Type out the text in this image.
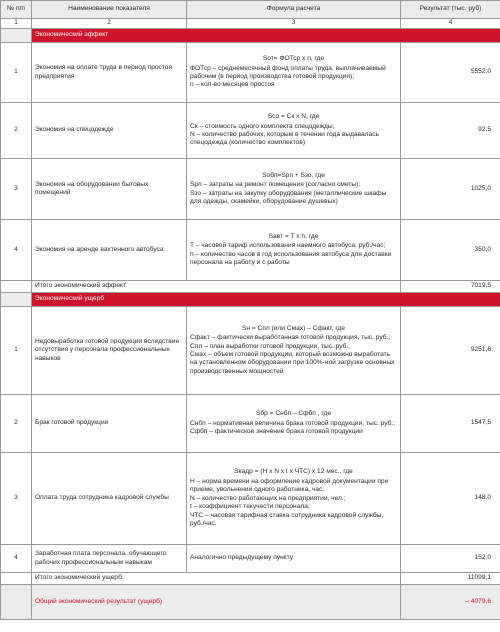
№ п/п	Наименование показателя	Формула расчета	Результат (тыс. руб)
1	2	3	4
	Экономический эффект		
1	Экономия на оплате труда в период простоя предприятия	Sот= ФОТср х n, где
ФОТср – среднемесячный фонд оплаты труда, выплачиваемый рабочим (в период производства готовой продукции);
n – кол-во месяцев простоя	5552,0
2	Экономия на спецодежде	Sсо = Ск х N, где
Ск – стоимость одного комплекта спецодежды;
N – количество рабочих, которым в течении года выдавалась спецодежда (количество комплектов)	92,5
3	Экономия на оборудовании бытовых помещений	Sобп=Sрп + Sзо, где
Sрп – затраты на ремонт помещения (согласно сметы);
Sзо – затраты на закупку оборудования (металлические шкафы для одежды, скамейки, оборудование душевых)	1025,0
4	Экономия на аренде вахтенного автобуса	Sавт = T х h, где
T – часовой тариф использования наемного автобуса, руб./час;
h – количество часов в год использования автобуса для доставки персонала на работу и с работы	350,0
	Итого экономический эффект:		7019,5
	Экономический ущерб		
1	Недовыработка готовой продукции вследствие отсутствия у персонала профессиональных навыков	Sн = Спл (или Смах) – Сфакт, где
Сфакт – фактически выработанная готовой продукция, тыс. руб.;
Спл – план выработки готовой продукции, тыс. руб.;
Смах – объем готовой продукции, который возможно выработать на установленном оборудовании при 100%-ной загрузке основных производственных мощностей	9251,6
2	Брак готовой продукции	Sбр = Снбп – Сфбп , где
Снбп – нормативная величина брака готовой продукции, тыс. руб.;
Сфбп – фактическое значение брака готовой продукции	1547,5
3	Оплата труда сотрудника кадровой службы	Sкадр = (H х N х t х ЧТС) х 12 мес., где
H – норма времени на оформление кадровой документации при приеме, увольнении одного работника, час;
N – количество работающих на предприятии, чел.;
t – коэффициент текучести персонала;
ЧТС – часовая тарифная ставка сотрудника кадровой службы, руб./час.	148,0
4	Заработная плата персонала, обучающего рабочих профессиональным навыкам	Аналогично предыдущему пункту	152,0
	Итого экономический ущерб:		11099,1
	Общий экономический результат (ущерб)		– 4079,6
